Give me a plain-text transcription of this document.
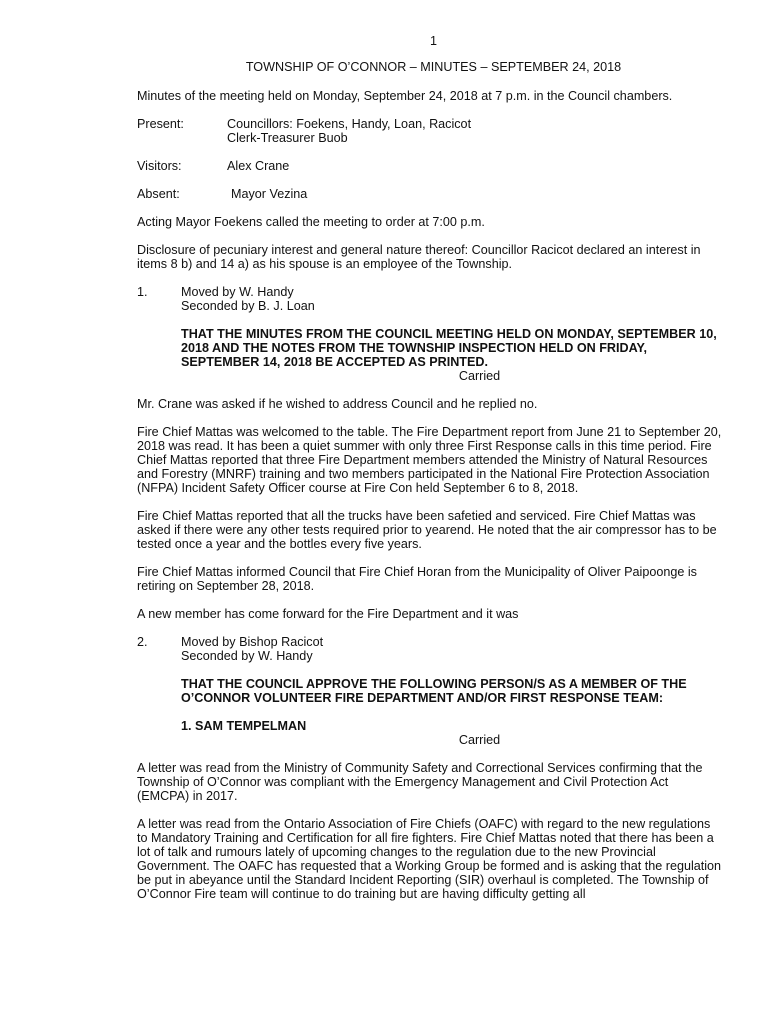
1
TOWNSHIP OF O’CONNOR – MINUTES – SEPTEMBER 24, 2018

Minutes of the meeting held on Monday, September 24, 2018 at 7 p.m. in the Council chambers.

Present:	Councillors: Foekens, Handy, Loan, Racicot
Clerk-Treasurer Buob
Visitors:	Alex Crane
Absent:	Mayor Vezina

Acting Mayor Foekens called the meeting to order at 7:00 p.m.

Disclosure of pecuniary interest and general nature thereof: Councillor Racicot declared an interest in items 8 b) and 14 a) as his spouse is an employee of the Township.

1.	Moved by W. Handy
Seconded by B. J. Loan
THAT THE MINUTES FROM THE COUNCIL MEETING HELD ON MONDAY, SEPTEMBER 10, 2018 AND THE NOTES FROM THE TOWNSHIP INSPECTION HELD ON FRIDAY, SEPTEMBER 14, 2018 BE ACCEPTED AS PRINTED.
Carried

Mr. Crane was asked if he wished to address Council and he replied no.

Fire Chief Mattas was welcomed to the table. The Fire Department report from June 21 to September 20, 2018 was read. It has been a quiet summer with only three First Response calls in this time period. Fire Chief Mattas reported that three Fire Department members attended the Ministry of Natural Resources and Forestry (MNRF) training and two members participated in the National Fire Protection Association (NFPA) Incident Safety Officer course at Fire Con held September 6 to 8, 2018.

Fire Chief Mattas reported that all the trucks have been safetied and serviced. Fire Chief Mattas was asked if there were any other tests required prior to yearend. He noted that the air compressor has to be tested once a year and the bottles every five years.

Fire Chief Mattas informed Council that Fire Chief Horan from the Municipality of Oliver Paipoonge is retiring on September 28, 2018.

A new member has come forward for the Fire Department and it was

2.	Moved by Bishop Racicot
Seconded by W. Handy
THAT THE COUNCIL APPROVE THE FOLLOWING PERSON/S AS A MEMBER OF THE O’CONNOR VOLUNTEER FIRE DEPARTMENT AND/OR FIRST RESPONSE TEAM:
1. SAM TEMPELMAN
Carried

A letter was read from the Ministry of Community Safety and Correctional Services confirming that the Township of O’Connor was compliant with the Emergency Management and Civil Protection Act (EMCPA) in 2017.

A letter was read from the Ontario Association of Fire Chiefs (OAFC) with regard to the new regulations to Mandatory Training and Certification for all fire fighters. Fire Chief Mattas noted that there has been a lot of talk and rumours lately of upcoming changes to the regulation due to the new Provincial Government. The OAFC has requested that a Working Group be formed and is asking that the regulation be put in abeyance until the Standard Incident Reporting (SIR) overhaul is completed. The Township of O’Connor Fire team will continue to do training but are having difficulty getting all
